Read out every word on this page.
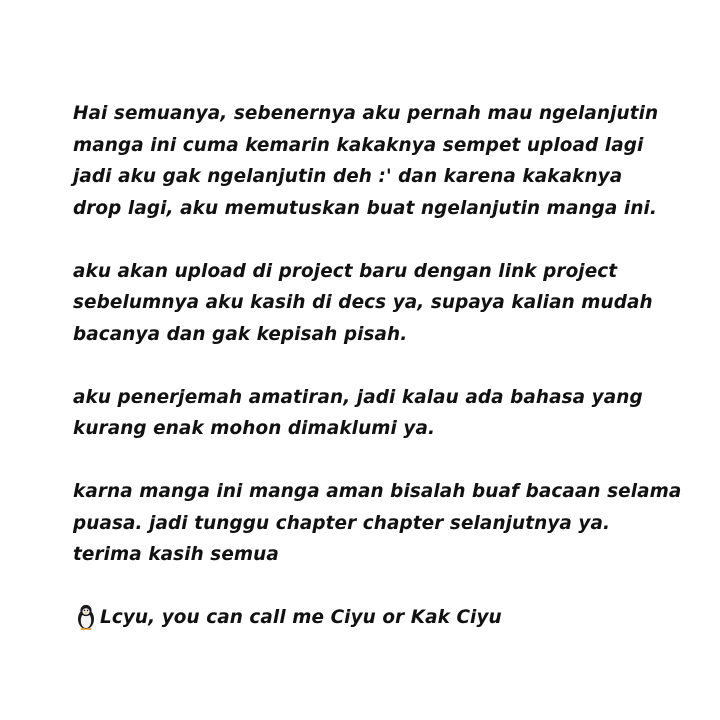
Hai semuanya, sebenernya aku pernah mau ngelanjutin
manga ini cuma kemarin kakaknya sempet upload lagi
jadi aku gak ngelanjutin deh :' dan karena kakaknya
drop lagi, aku memutuskan buat ngelanjutin manga ini.
aku akan upload di project baru dengan link project
sebelumnya aku kasih di decs ya, supaya kalian mudah
bacanya dan gak kepisah pisah.
aku penerjemah amatiran, jadi kalau ada bahasa yang
kurang enak mohon dimaklumi ya.
karna manga ini manga aman bisalah buaf bacaan selama
puasa. jadi tunggu chapter chapter selanjutnya ya.
terima kasih semua
Lcyu, you can call me Ciyu or Kak Ciyu
